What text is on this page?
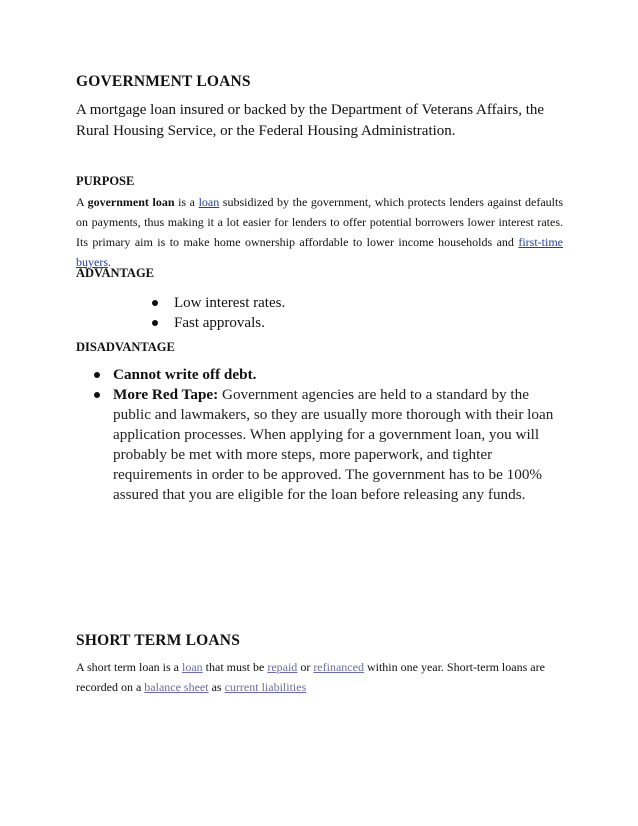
GOVERNMENT LOANS
A mortgage loan insured or backed by the Department of Veterans Affairs, the Rural Housing Service, or the Federal Housing Administration.
PURPOSE
A government loan is a loan subsidized by the government, which protects lenders against defaults on payments, thus making it a lot easier for lenders to offer potential borrowers lower interest rates. Its primary aim is to make home ownership affordable to lower income households and first-time buyers.
ADVANTAGE
Low interest rates.
Fast approvals.
DISADVANTAGE
Cannot write off debt.
More Red Tape: Government agencies are held to a standard by the public and lawmakers, so they are usually more thorough with their loan application processes. When applying for a government loan, you will probably be met with more steps, more paperwork, and tighter requirements in order to be approved. The government has to be 100% assured that you are eligible for the loan before releasing any funds.
SHORT TERM LOANS
A short term loan is a loan that must be repaid or refinanced within one year. Short-term loans are recorded on a balance sheet as current liabilities
